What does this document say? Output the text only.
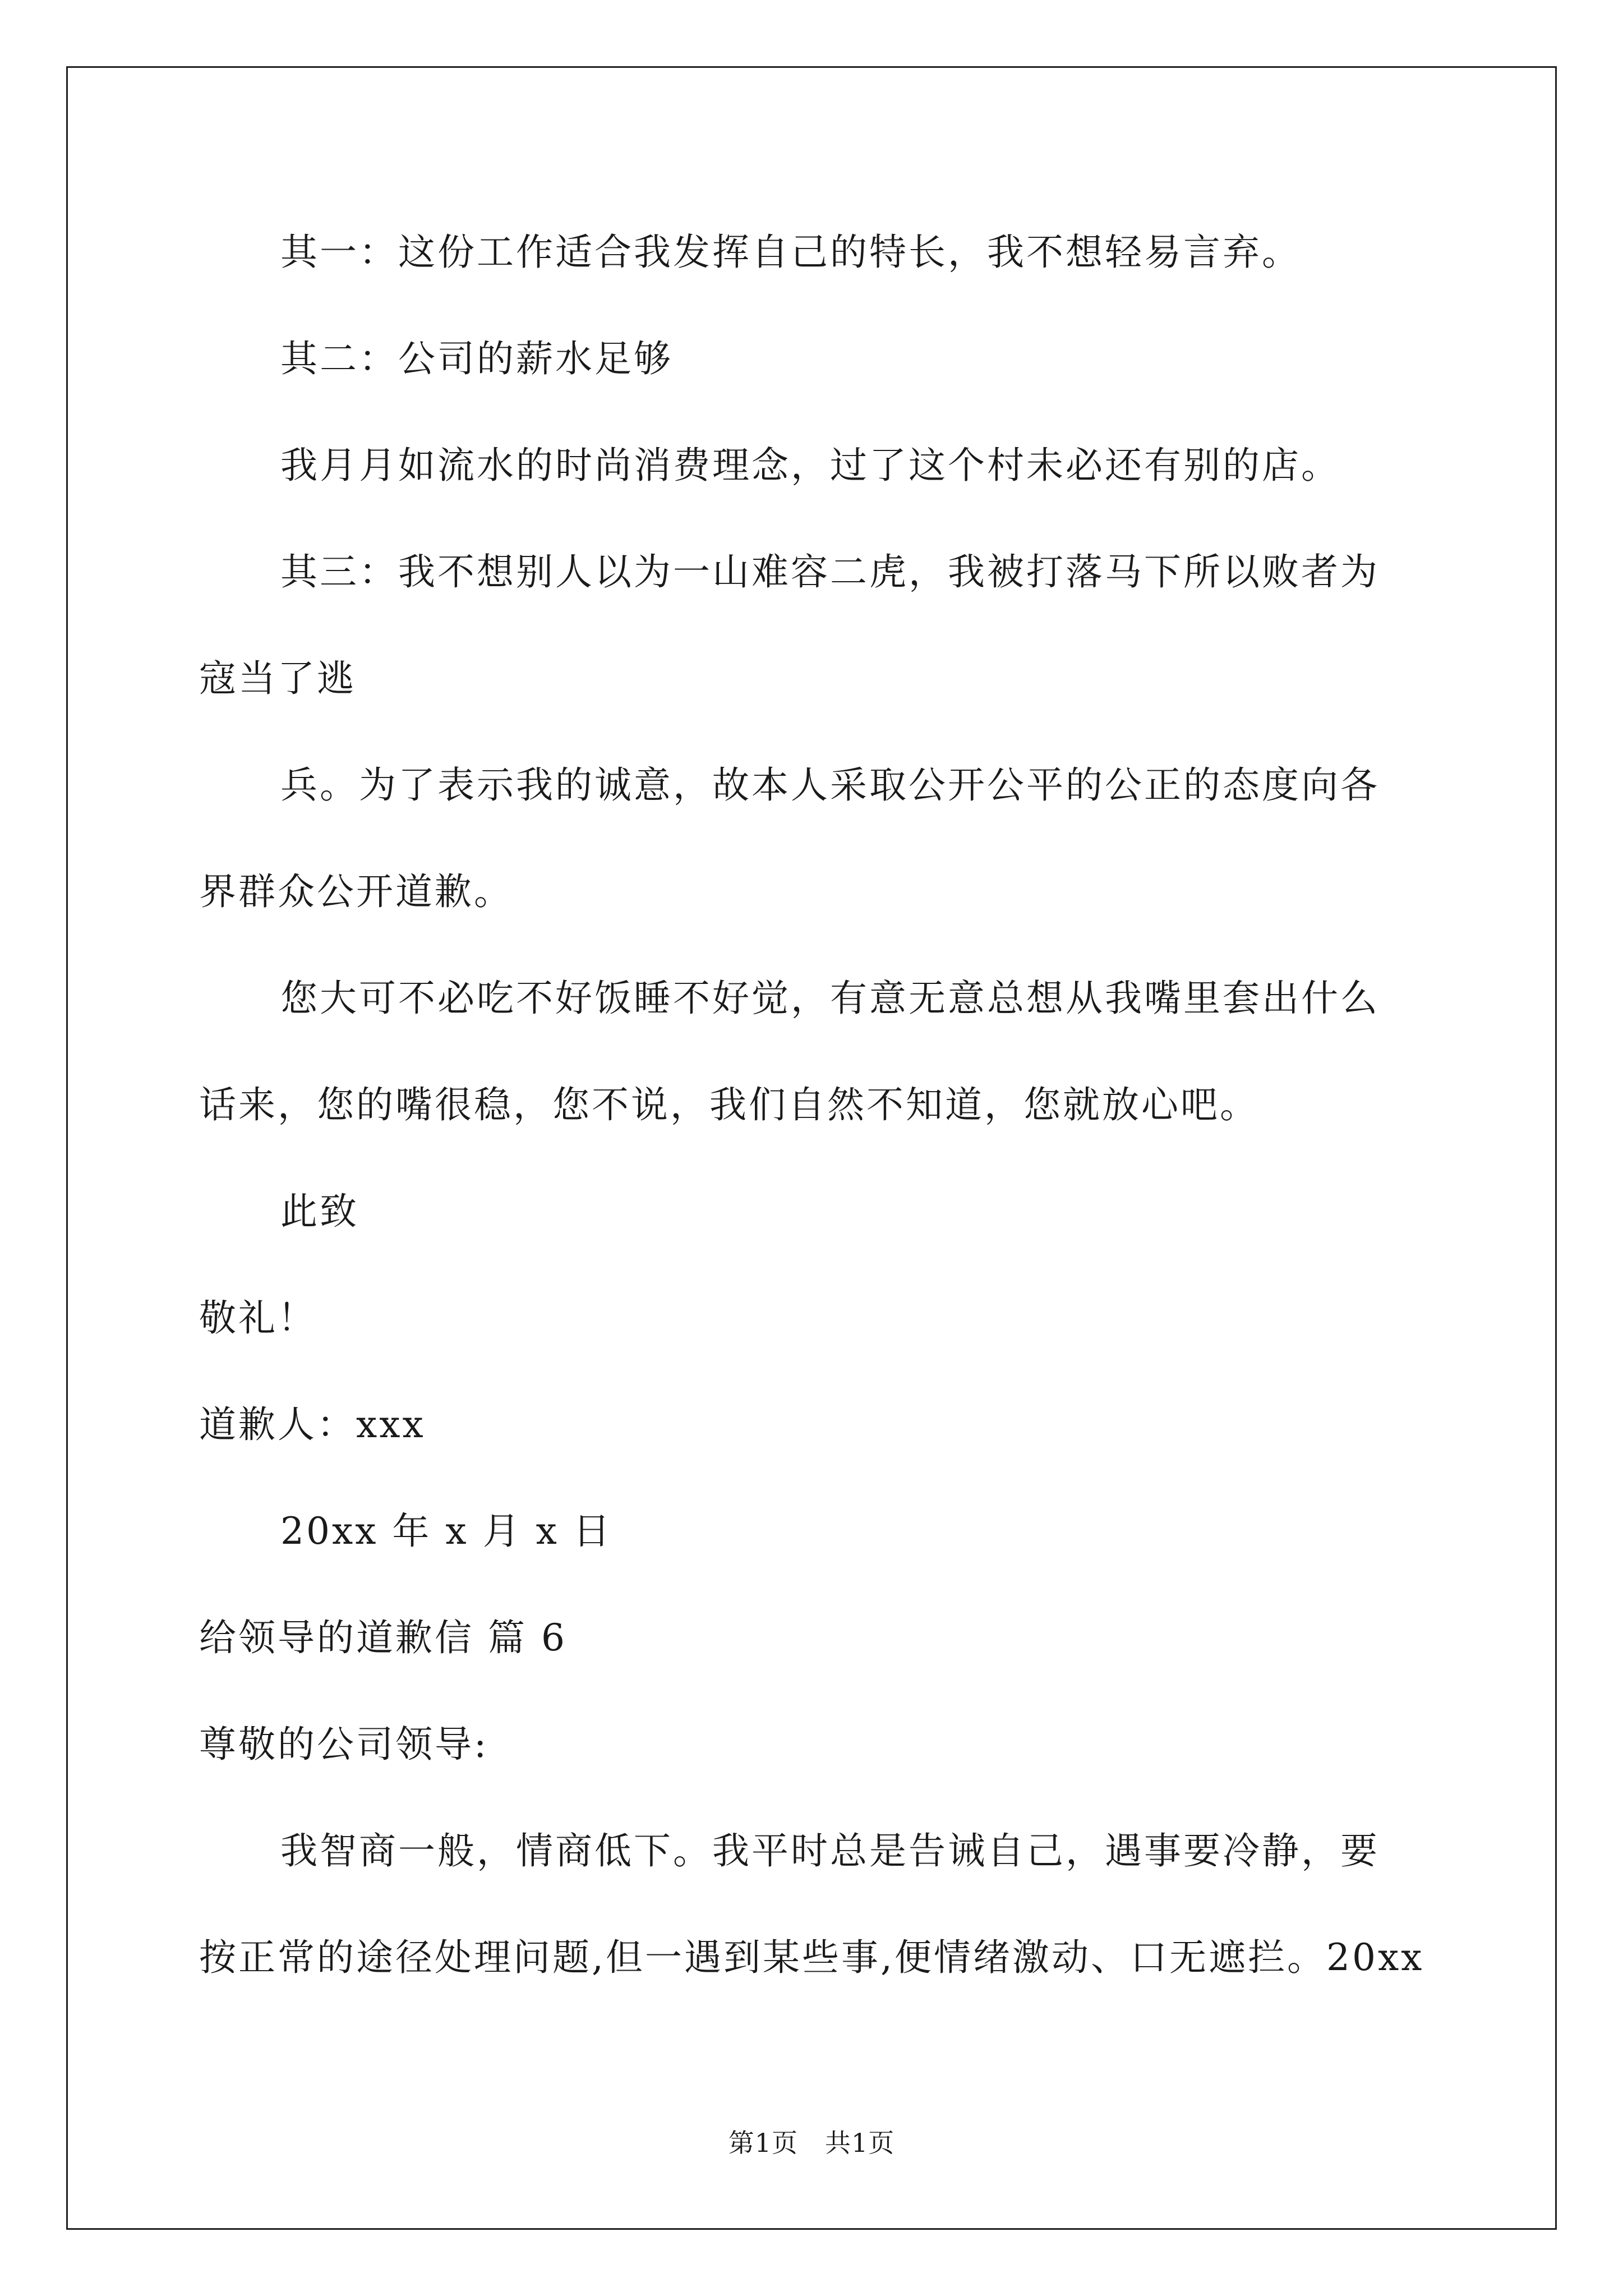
其一：这份工作适合我发挥自己的特长，我不想轻易言弃。
其二：公司的薪水足够
我月月如流水的时尚消费理念，过了这个村未必还有别的店。
其三：我不想别人以为一山难容二虎，我被打落马下所以败者为
寇当了逃
兵。为了表示我的诚意，故本人采取公开公平的公正的态度向各
界群众公开道歉。
您大可不必吃不好饭睡不好觉，有意无意总想从我嘴里套出什么
话来，您的嘴很稳，您不说，我们自然不知道，您就放心吧。
此致
敬礼！
道歉人：xxx
20xx 年 x 月 x 日
给领导的道歉信 篇 6
尊敬的公司领导:
我智商一般，情商低下。我平时总是告诫自己，遇事要冷静，要
按正常的途径处理问题,但一遇到某些事,便情绪激动、口无遮拦。20xx
第1页 共1页
